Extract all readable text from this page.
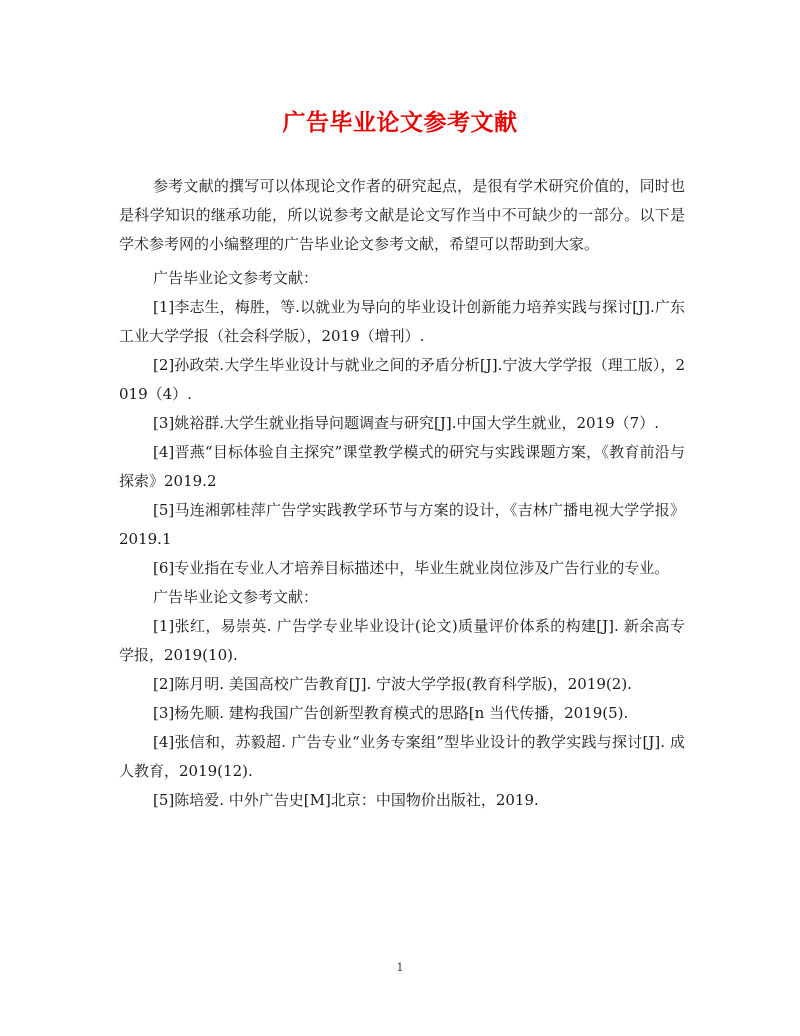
广告毕业论文参考文献

参考文献的撰写可以体现论文作者的研究起点，是很有学术研究价值的，同时也是科学知识的继承功能，所以说参考文献是论文写作当中不可缺少的一部分。以下是学术参考网的小编整理的广告毕业论文参考文献，希望可以帮助到大家。

广告毕业论文参考文献：

[1]李志生，梅胜，等.以就业为导向的毕业设计创新能力培养实践与探讨[J].广东工业大学学报（社会科学版），2019（增刊）.

[2]孙政荣.大学生毕业设计与就业之间的矛盾分析[J].宁波大学学报（理工版），2019（4）.

[3]姚裕群.大学生就业指导问题调查与研究[J].中国大学生就业，2019（7）.

[4]晋燕“目标体验自主探究”课堂教学模式的研究与实践课题方案，《教育前沿与探索》2019.2

[5]马连湘郭桂萍广告学实践教学环节与方案的设计，《吉林广播电视大学学报》2019.1

[6]专业指在专业人才培养目标描述中，毕业生就业岗位涉及广告行业的专业。

广告毕业论文参考文献：

[1]张红，易崇英. 广告学专业毕业设计(论文)质量评价体系的构建[J]. 新余高专学报，2019(10).

[2]陈月明. 美国高校广告教育[J]. 宁波大学学报(教育科学版)，2019(2).

[3]杨先顺. 建构我国广告创新型教育模式的思路[n 当代传播，2019(5).

[4]张信和，苏毅超. 广告专业“业务专案组”型毕业设计的教学实践与探讨[J]. 成人教育，2019(12).

[5]陈培爱. 中外广告史[M]北京：中国物价出版社，2019.

1
